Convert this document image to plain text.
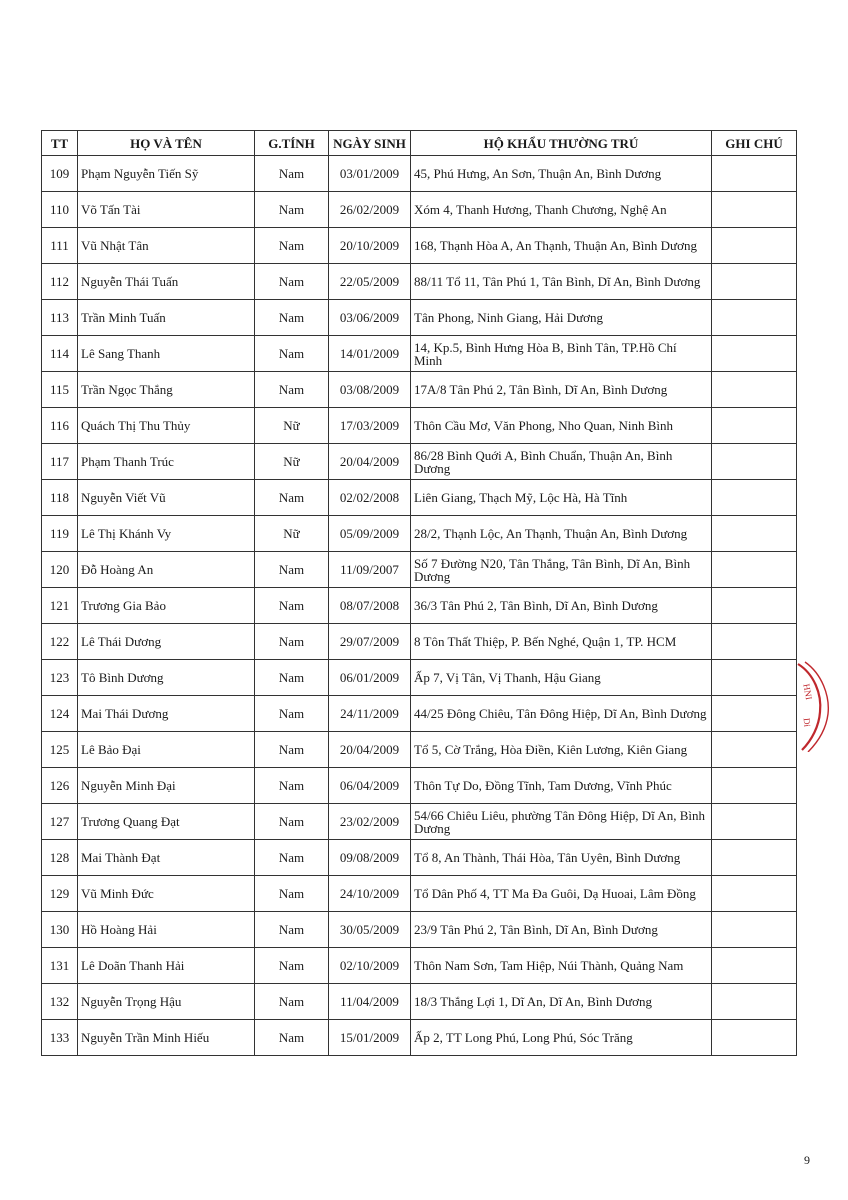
TT	HỌ VÀ TÊN	G.TÍNH	NGÀY SINH	HỘ KHẨU THƯỜNG TRÚ	GHI CHÚ
109	Phạm Nguyễn Tiến Sỹ	Nam	03/01/2009	45, Phú Hưng, An Sơn, Thuận An, Bình Dương	
110	Võ Tấn Tài	Nam	26/02/2009	Xóm 4, Thanh Hương, Thanh Chương, Nghệ An	
111	Vũ Nhật Tân	Nam	20/10/2009	168, Thạnh Hòa A, An Thạnh, Thuận An, Bình Dương	
112	Nguyễn Thái Tuấn	Nam	22/05/2009	88/11 Tổ 11, Tân Phú 1, Tân Bình, Dĩ An, Bình Dương	
113	Trần Minh Tuấn	Nam	03/06/2009	Tân Phong, Ninh Giang, Hải Dương	
114	Lê Sang Thanh	Nam	14/01/2009	14, Kp.5, Bình Hưng Hòa B, Bình Tân, TP.Hồ Chí Minh	
115	Trần Ngọc Thắng	Nam	03/08/2009	17A/8 Tân Phú 2, Tân Bình, Dĩ An, Bình Dương	
116	Quách Thị Thu Thủy	Nữ	17/03/2009	Thôn Cầu Mơ, Văn Phong, Nho Quan, Ninh Bình	
117	Phạm Thanh Trúc	Nữ	20/04/2009	86/28 Bình Quới A, Bình Chuẩn, Thuận An, Bình Dương	
118	Nguyễn Viết Vũ	Nam	02/02/2008	Liên Giang, Thạch Mỹ, Lộc Hà, Hà Tĩnh	
119	Lê Thị Khánh Vy	Nữ	05/09/2009	28/2, Thạnh Lộc, An Thạnh, Thuận An, Bình Dương	
120	Đỗ Hoàng An	Nam	11/09/2007	Số 7 Đường N20, Tân Thắng, Tân Bình, Dĩ An, Bình Dương	
121	Trương Gia Bảo	Nam	08/07/2008	36/3 Tân Phú 2, Tân Bình, Dĩ An, Bình Dương	
122	Lê Thái Dương	Nam	29/07/2009	8 Tôn Thất Thiệp, P. Bến Nghé, Quận 1, TP. HCM	
123	Tô Bình Dương	Nam	06/01/2009	Ấp 7, Vị Tân, Vị Thanh, Hậu Giang	
124	Mai Thái Dương	Nam	24/11/2009	44/25 Đông Chiêu, Tân Đông Hiệp, Dĩ An, Bình Dương	
125	Lê Bảo Đại	Nam	20/04/2009	Tổ 5, Cờ Trắng, Hòa Điền, Kiên Lương, Kiên Giang	
126	Nguyễn Minh Đại	Nam	06/04/2009	Thôn Tự Do, Đồng Tĩnh, Tam Dương, Vĩnh Phúc	
127	Trương Quang Đạt	Nam	23/02/2009	54/66 Chiêu Liêu, phường Tân Đông Hiệp, Dĩ An, Bình Dương	
128	Mai Thành Đạt	Nam	09/08/2009	Tổ 8, An Thành, Thái Hòa, Tân Uyên, Bình Dương	
129	Vũ Minh Đức	Nam	24/10/2009	Tổ Dân Phố 4, TT Ma Đa Guôi, Dạ Huoai, Lâm Đồng	
130	Hồ Hoàng Hải	Nam	30/05/2009	23/9 Tân Phú 2, Tân Bình, Dĩ An, Bình Dương	
131	Lê Doãn Thanh Hải	Nam	02/10/2009	Thôn Nam Sơn, Tam Hiệp, Núi Thành, Quảng Nam	
132	Nguyễn Trọng Hậu	Nam	11/04/2009	18/3 Thắng Lợi 1, Dĩ An, Dĩ An, Bình Dương	
133	Nguyễn Trần Minh Hiếu	Nam	15/01/2009	Ấp 2, TT Long Phú, Long Phú, Sóc Trăng	
HNI
Di
9
